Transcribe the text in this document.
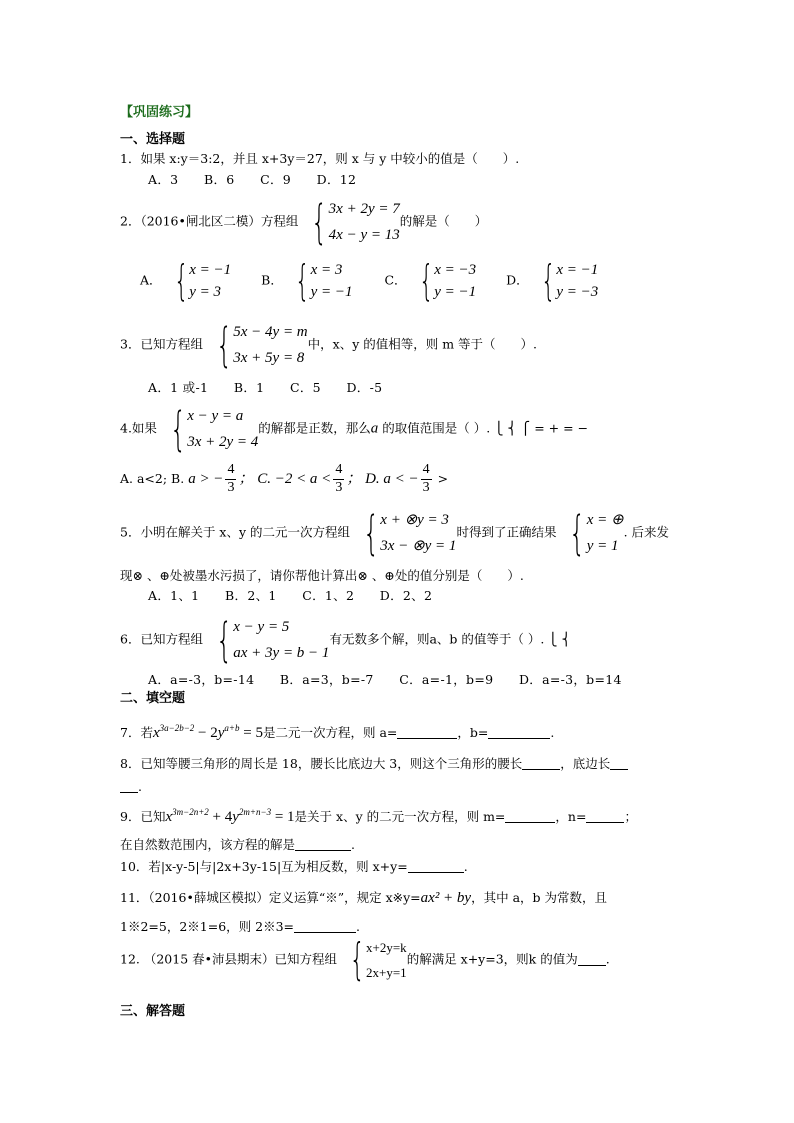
【巩固练习】
一、选择题
1．如果 x:y＝3:2，并且 x+3y＝27，则 x 与 y 中较小的值是（　　）.
A．3　　B．6　　C．9　　D．12
2．（2016•闸北区二模）方程组 { 3x + 2y = 7
4x − y = 13
的解是（　　）
A． { x = −1
y = 3
B． { x = 3
y = −1
C． { x = −3
y = −1
D． { x = −1
y = −3
3．已知方程组 { 5x − 4y = m
3x + 5y = 8
中，x、y 的值相等，则 m 等于（　　）.
A．1 或-1　　B．1　　C．5　　D．-5
4.如果 { x − y = a
3x + 2y = 4
的解都是正数，那么a 的取值范围是（ ）. ⎩ ⎨ ⎧ = + = −
A. a<2; B. a > − $\frac{4}{3}$ ； C. $-2 < a < \frac{4}{3}$ ； D. a < − $\frac{4}{3}$ >
5．小明在解关于 x、y 的二元一次方程组 { x + ⊗y = 3
3x − ⊗y = 1
时得到了正确结果 { x = ⊕
y = 1
. 后来发
现⊗ 、⊕处被墨水污损了，请你帮他计算出⊗ 、⊕处的值分别是（　　）.
A．1、1　　B．2、1　　C．1、2　　D．2、2
6．已知方程组 { x − y = 5
ax + 3y = b − 1
有无数多个解，则a、b 的值等于（ ）. ⎩ ⎨
A．a=-3，b=-14　　B．a=3，b=-7　　C．a=-1，b=9　　D．a=-3，b=14
二、填空题
7．若$x^{3a-2b-2} - 2y^{a+b} = 5$是二元一次方程，则 a=	，b=	.
8．已知等腰三角形的周长是 18，腰长比底边大 3，则这个三角形的腰长	，底边长
.
9．已知$x^{3m-2n+2} + 4y^{2m+n-3} = 1$是关于 x、y 的二元一次方程，则 m=	，n=	；
在自然数范围内，该方程的解是	.
10．若|x-y-5|与|2x+3y-15|互为相反数，则 x+y=	.
11．（2016•薛城区模拟）定义运算“※”，规定 x※y=ax² + by，其中 a，b 为常数，且
1※2=5，2※1=6，则 2※3=	.
12. （2015 春•沛县期末）已知方程组 { x+2y=k
2x+y=1
的解满足 x+y=3，则k 的值为 .
三、解答题
